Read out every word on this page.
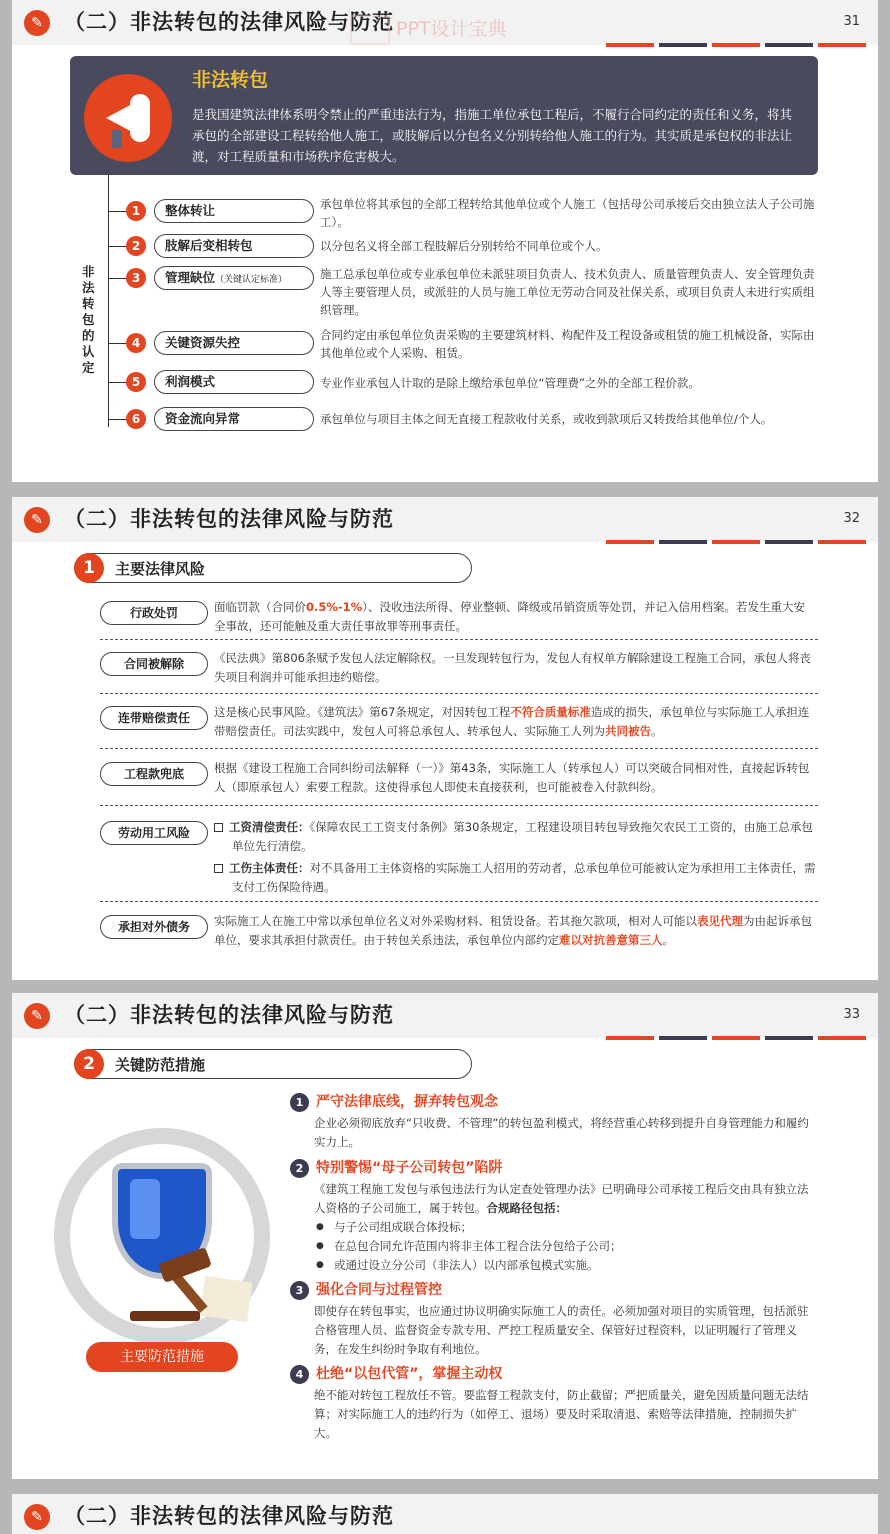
✎	（二）非法转包的法律风险与防范 PPT设计宝典	31
非法转包
是我国建筑法律体系明令禁止的严重违法行为，指施工单位承包工程后，不履行合同约定的责任和义务，将其承包的全部建设工程转给他人施工，或肢解后以分包名义分别转给他人施工的行为。其实质是承包权的非法让渡，对工程质量和市场秩序危害极大。
非法转包的认定
1	整体转让	承包单位将其承包的全部工程转给其他单位或个人施工（包括母公司承接后交由独立法人子公司施工）。
2	肢解后变相转包	以分包名义将全部工程肢解后分别转给不同单位或个人。
3	管理缺位（关键认定标准）	施工总承包单位或专业承包单位未派驻项目负责人、技术负责人、质量管理负责人、安全管理负责人等主要管理人员，或派驻的人员与施工单位无劳动合同及社保关系，或项目负责人未进行实质组织管理。
4	关键资源失控	合同约定由承包单位负责采购的主要建筑材料、构配件及工程设备或租赁的施工机械设备，实际由其他单位或个人采购、租赁。
5	利润模式	专业作业承包人计取的是除上缴给承包单位“管理费”之外的全部工程价款。
6	资金流向异常	承包单位与项目主体之间无直接工程款收付关系，或收到款项后又转拨给其他单位/个人。
✎	（二）非法转包的法律风险与防范	32
1	主要法律风险
行政处罚	面临罚款（合同价0.5%-1%）、没收违法所得、停业整顿、降级或吊销资质等处罚，并记入信用档案。若发生重大安全事故，还可能触及重大责任事故罪等刑事责任。
合同被解除	《民法典》第806条赋予发包人法定解除权。一旦发现转包行为，发包人有权单方解除建设工程施工合同，承包人将丧失项目利润并可能承担违约赔偿。
连带赔偿责任	这是核心民事风险。《建筑法》第67条规定，对因转包工程不符合质量标准造成的损失，承包单位与实际施工人承担连带赔偿责任。司法实践中，发包人可将总承包人、转承包人、实际施工人列为共同被告。
工程款兜底	根据《建设工程施工合同纠纷司法解释（一）》第43条，实际施工人（转承包人）可以突破合同相对性，直接起诉转包人（即原承包人）索要工程款。这使得承包人即使未直接获利，也可能被卷入付款纠纷。
劳动用工风险	工资清偿责任：《保障农民工工资支付条例》第30条规定，工程建设项目转包导致拖欠农民工工资的，由施工总承包单位先行清偿。
工伤主体责任：对不具备用工主体资格的实际施工人招用的劳动者，总承包单位可能被认定为承担用工主体责任，需支付工伤保险待遇。
承担对外债务	实际施工人在施工中常以承包单位名义对外采购材料、租赁设备。若其拖欠款项，相对人可能以表见代理为由起诉承包单位，要求其承担付款责任。由于转包关系违法，承包单位内部约定难以对抗善意第三人。
✎	（二）非法转包的法律风险与防范	33
2	关键防范措施
主要防范措施
1 严守法律底线，摒弃转包观念
企业必须彻底放弃“只收费、不管理”的转包盈利模式，将经营重心转移到提升自身管理能力和履约实力上。
2 特别警惕“母子公司转包”陷阱
《建筑工程施工发包与承包违法行为认定查处管理办法》已明确母公司承接工程后交由具有独立法人资格的子公司施工，属于转包。合规路径包括：
● 与子公司组成联合体投标；
● 在总包合同允许范围内将非主体工程合法分包给子公司；
● 或通过设立分公司（非法人）以内部承包模式实施。
3 强化合同与过程管控
即使存在转包事实，也应通过协议明确实际施工人的责任。必须加强对项目的实质管理，包括派驻合格管理人员、监督资金专款专用、严控工程质量安全、保管好过程资料，以证明履行了管理义务，在发生纠纷时争取有利地位。
4 杜绝“以包代管”，掌握主动权
绝不能对转包工程放任不管。要监督工程款支付，防止截留；严把质量关，避免因质量问题无法结算；对实际施工人的违约行为（如停工、退场）要及时采取清退、索赔等法律措施，控制损失扩大。
✎	（二）非法转包的法律风险与防范
